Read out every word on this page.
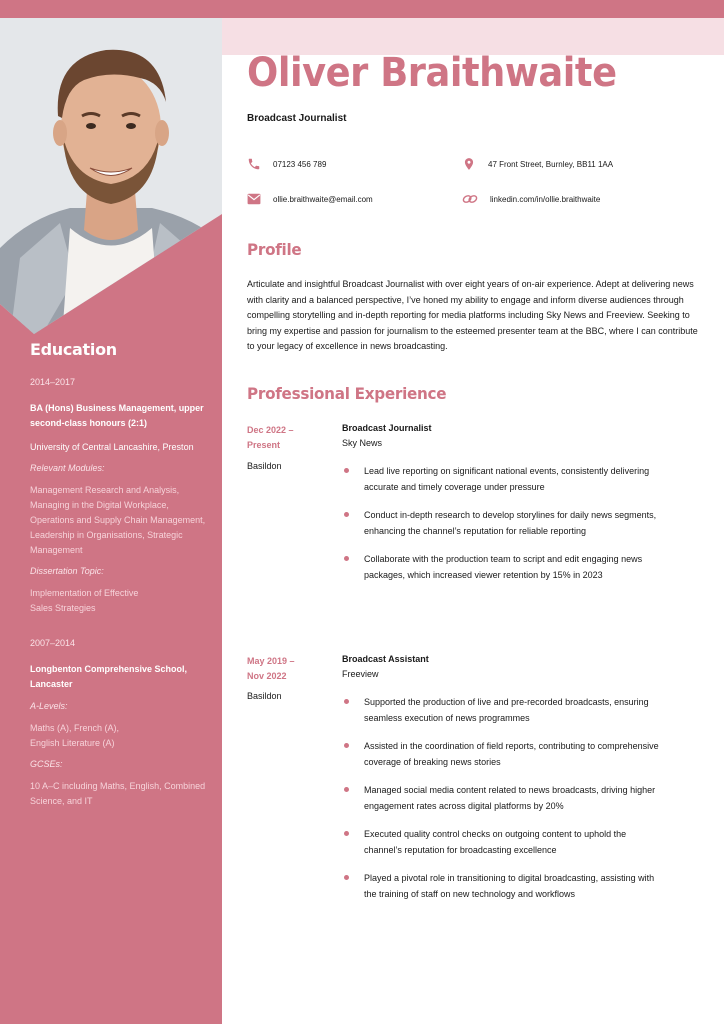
Education
2014–2017
BA (Hons) Business Management, upper second-class honours (2:1)
University of Central Lancashire, Preston
Relevant Modules:
Management Research and Analysis, Managing in the Digital Workplace, Operations and Supply Chain Management, Leadership in Organisations, Strategic Management
Dissertation Topic:
Implementation of Effective Sales Strategies
2007–2014
Longbenton Comprehensive School, Lancaster
A-Levels:
Maths (A), French (A), English Literature (A)
GCSEs:
10 A–C including Maths, English, Combined Science, and IT
Oliver Braithwaite
Broadcast Journalist
07123 456 789	47 Front Street, Burnley, BB11 1AA
ollie.braithwaite@email.com	linkedin.com/in/ollie.braithwaite
Profile
Articulate and insightful Broadcast Journalist with over eight years of on-air experience. Adept at delivering news with clarity and a balanced perspective, I’ve honed my ability to engage and inform diverse audiences through compelling storytelling and in-depth reporting for media platforms including Sky News and Freeview. Seeking to bring my expertise and passion for journalism to the esteemed presenter team at the BBC, where I can contribute to your legacy of excellence in news broadcasting.
Professional Experience
Dec 2022 –
Present
Basildon
Broadcast Journalist
Sky News
Lead live reporting on significant national events, consistently delivering accurate and timely coverage under pressure
Conduct in-depth research to develop storylines for daily news segments, enhancing the channel’s reputation for reliable reporting
Collaborate with the production team to script and edit engaging news packages, which increased viewer retention by 15% in 2023
May 2019 –
Nov 2022
Basildon
Broadcast Assistant
Freeview
Supported the production of live and pre-recorded broadcasts, ensuring seamless execution of news programmes
Assisted in the coordination of field reports, contributing to comprehensive coverage of breaking news stories
Managed social media content related to news broadcasts, driving higher engagement rates across digital platforms by 20%
Executed quality control checks on outgoing content to uphold the channel’s reputation for broadcasting excellence
Played a pivotal role in transitioning to digital broadcasting, assisting with the training of staff on new technology and workflows
